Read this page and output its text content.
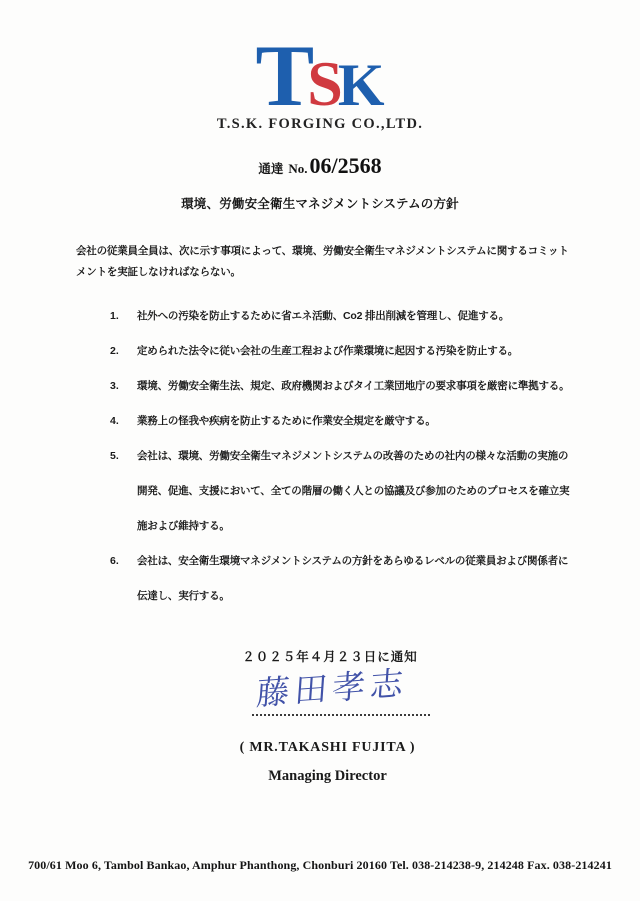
TSK
T.S.K. FORGING CO.,LTD.
通達 No. 06/2568
環境、労働安全衛生マネジメントシステムの方針
会社の従業員全員は、次に示す事項によって、環境、労働安全衛生マネジメントシステムに関するコミットメントを実証しなければならない。
1.	社外への汚染を防止するために省エネ活動、Co2 排出削減を管理し、促進する。
2.	定められた法令に従い会社の生産工程および作業環境に起因する汚染を防止する。
3.	環境、労働安全衛生法、規定、政府機関およびタイ工業団地庁の要求事項を厳密に準拠する。
4.	業務上の怪我や疾病を防止するために作業安全規定を厳守する。
5.	会社は、環境、労働安全衛生マネジメントシステムの改善のための社内の様々な活動の実施の開発、促進、支援において、全ての階層の働く人との協議及び参加のためのプロセスを確立実施および維持する。
6.	会社は、安全衛生環境マネジメントシステムの方針をあらゆるレベルの従業員および関係者に伝達し、実行する。
２０２５年４月２３日に通知
藤田孝志
( MR.TAKASHI FUJITA )
Managing Director
700/61 Moo 6, Tambol Bankao, Amphur Phanthong, Chonburi 20160 Tel. 038-214238-9, 214248 Fax. 038-214241
